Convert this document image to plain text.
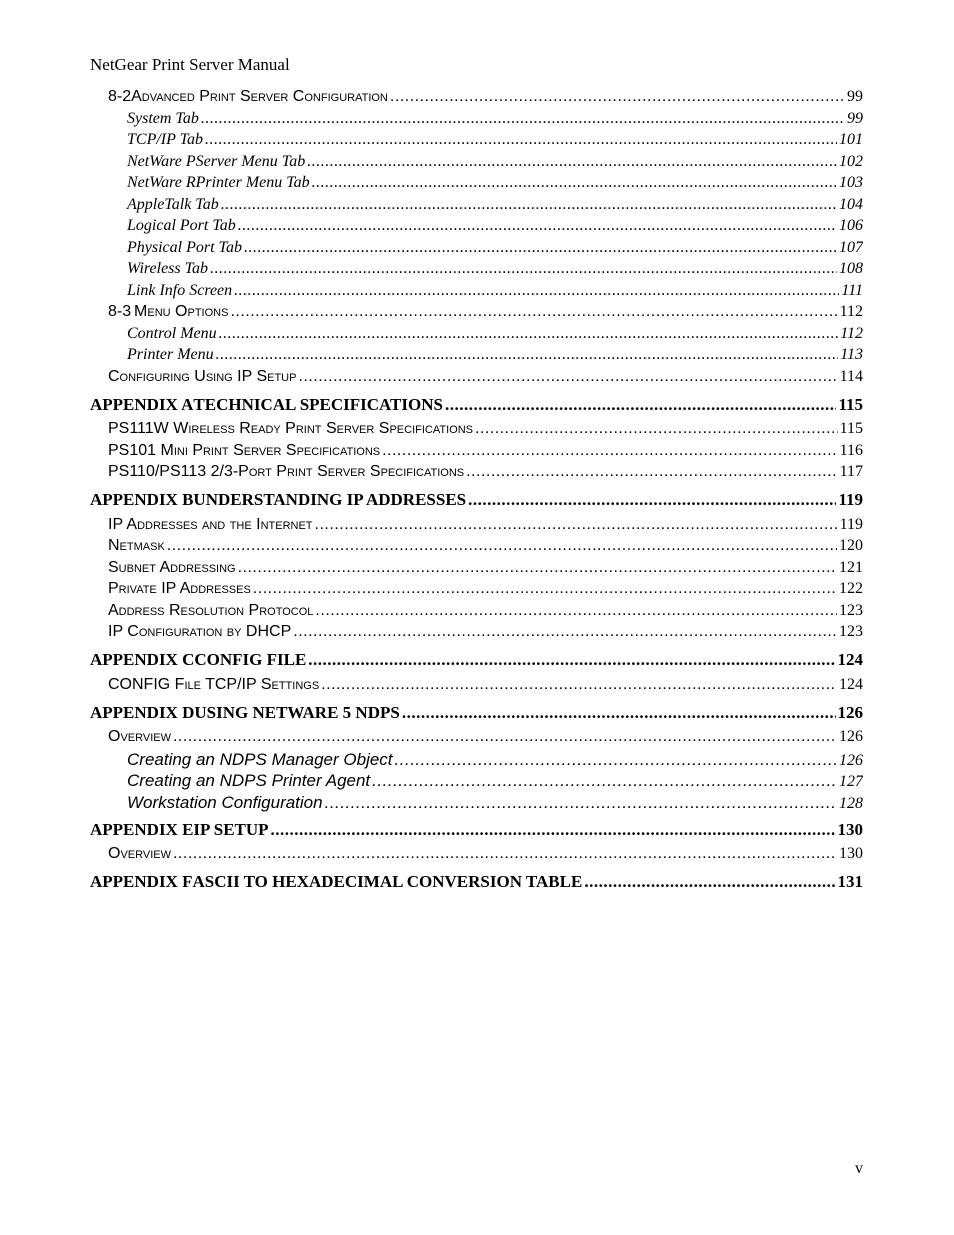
NetGear Print Server Manual
8-2 Advanced Print Server Configuration .....	99
System Tab .....	99
TCP/IP Tab .....	101
NetWare PServer Menu Tab .....	102
NetWare RPrinter Menu Tab .....	103
AppleTalk Tab .....	104
Logical Port Tab .....	106
Physical Port Tab .....	107
Wireless Tab .....	108
Link Info Screen .....	111
8-3 Menu Options .....	112
Control Menu .....	112
Printer Menu .....	113
Configuring Using IP Setup .....	114
APPENDIX A TECHNICAL SPECIFICATIONS .....	115
PS111W Wireless Ready Print Server Specifications .....	115
PS101 Mini Print Server Specifications .....	116
PS110/PS113 2/3-Port Print Server Specifications .....	117
APPENDIX B UNDERSTANDING IP ADDRESSES .....	119
IP Addresses and the Internet .....	119
Netmask .....	120
Subnet Addressing .....	121
Private IP Addresses .....	122
Address Resolution Protocol .....	123
IP Configuration by DHCP .....	123
APPENDIX C CONFIG FILE .....	124
CONFIG File TCP/IP Settings .....	124
APPENDIX D USING NETWARE 5 NDPS .....	126
Overview .....	126
Creating an NDPS Manager Object .....	126
Creating an NDPS Printer Agent .....	127
Workstation Configuration .....	128
APPENDIX E IP SETUP .....	130
Overview .....	130
APPENDIX F ASCII TO HEXADECIMAL CONVERSION TABLE .....	131
v
